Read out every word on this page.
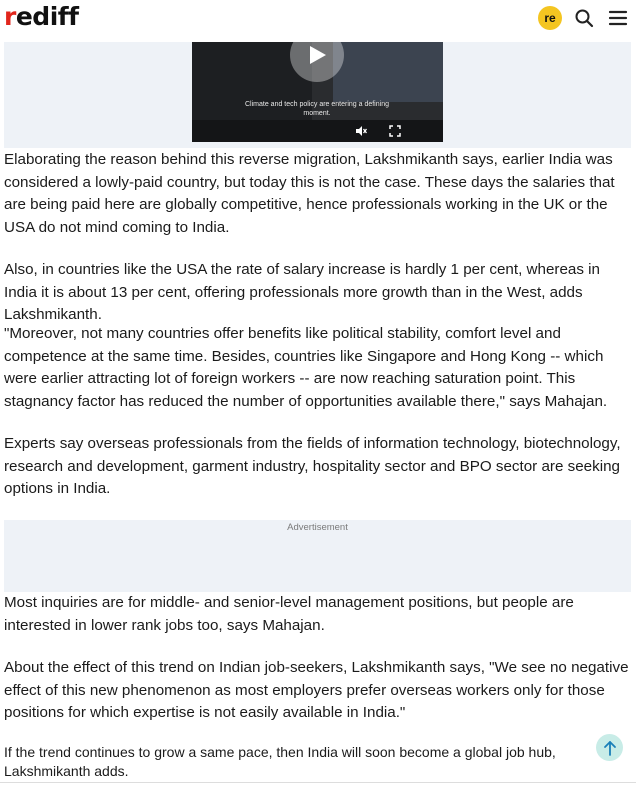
rediff	re
Climate and tech policy are entering a defining moment.

Elaborating the reason behind this reverse migration, Lakshmikanth says, earlier India was considered a lowly-paid country, but today this is not the case. These days the salaries that are being paid here are globally competitive, hence professionals working in the UK or the USA do not mind coming to India.

Also, in countries like the USA the rate of salary increase is hardly 1 per cent, whereas in India it is about 13 per cent, offering professionals more growth than in the West, adds Lakshmikanth.

"Moreover, not many countries offer benefits like political stability, comfort level and competence at the same time. Besides, countries like Singapore and Hong Kong -- which were earlier attracting lot of foreign workers -- are now reaching saturation point. This stagnancy factor has reduced the number of opportunities available there," says Mahajan.

Experts say overseas professionals from the fields of information technology, biotechnology, research and development, garment industry, hospitality sector and BPO sector are seeking options in India.

Advertisement

Most inquiries are for middle- and senior-level management positions, but people are interested in lower rank jobs too, says Mahajan.

About the effect of this trend on Indian job-seekers, Lakshmikanth says, "We see no negative effect of this new phenomenon as most employers prefer overseas workers only for those positions for which expertise is not easily available in India."

If the trend continues to grow a same pace, then India will soon become a global job hub, Lakshmikanth adds.
